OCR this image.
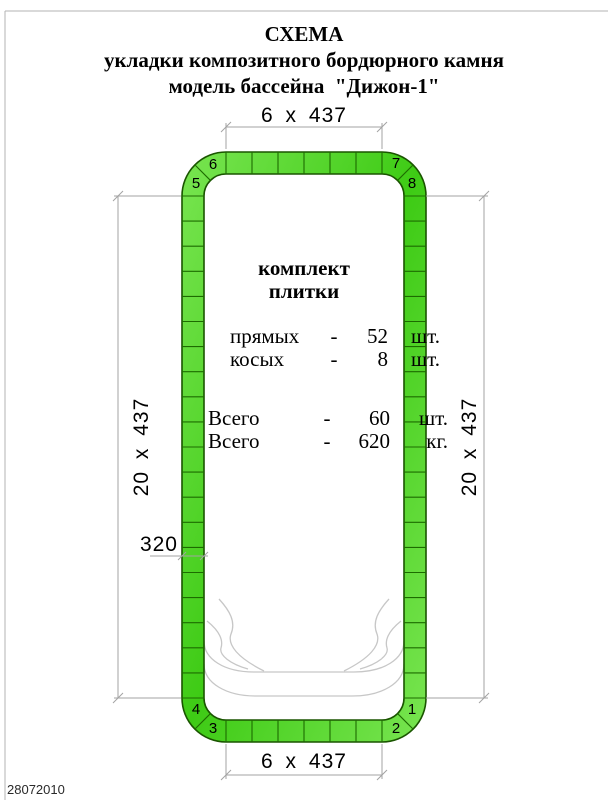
СХЕМА
укладки композитного бордюрного камня
модель бассейна  "Дижон-1"
6 x 437
6 x 437
20 x 437	20 x 437
320
комплект
плитки
прямых	-	52	шт.
косых	-	8	шт.
Всего	-	60	шт.
Всего	-	620	кг.
1
2
3
4
5
6	7
8
28072010
